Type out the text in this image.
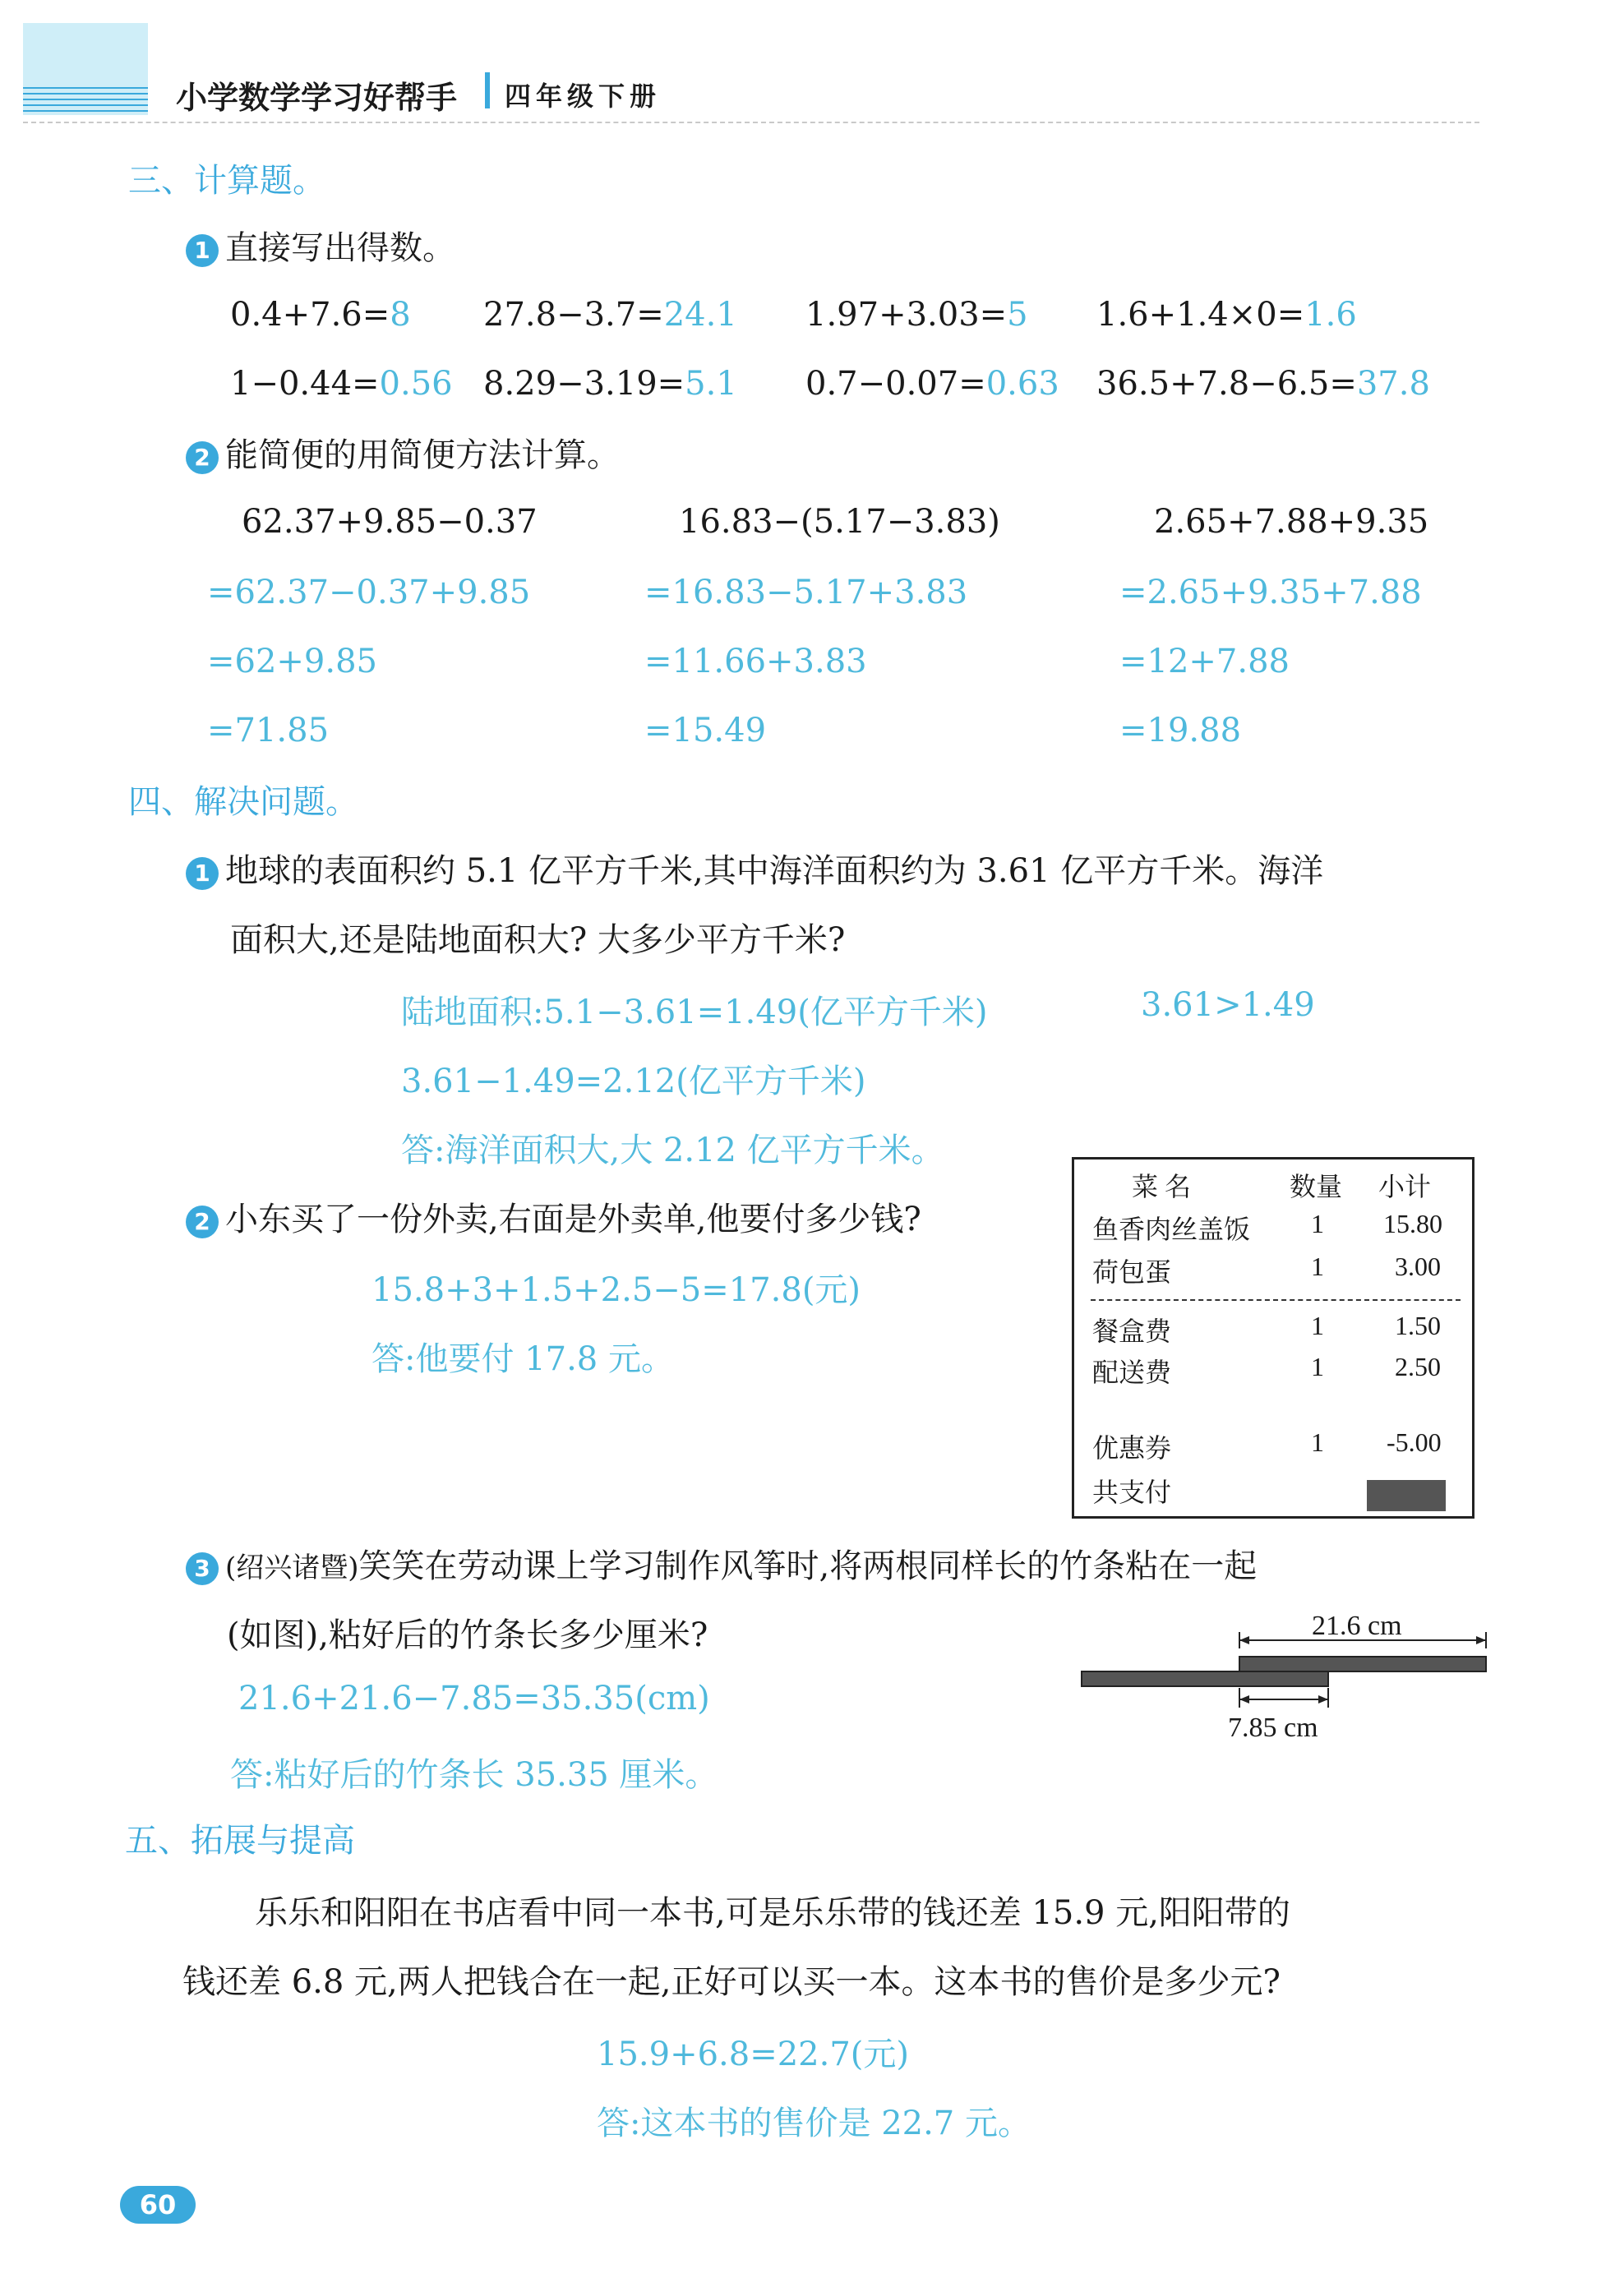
小学数学学习好帮手 四年级下册
三、计算题。
1 直接写出得数。
0.4+7.6=8 27.8−3.7=24.1 1.97+3.03=5 1.6+1.4×0=1.6
1−0.44=0.56 8.29−3.19=5.1 0.7−0.07=0.63 36.5+7.8−6.5=37.8
2 能简便的用简便方法计算。
62.37+9.85−0.37
=62.37−0.37+9.85
=62+9.85
=71.85
16.83−(5.17−3.83)
=16.83−5.17+3.83
=11.66+3.83
=15.49
2.65+7.88+9.35
=2.65+9.35+7.88
=12+7.88
=19.88
四、解决问题。
1 地球的表面积约 5.1 亿平方千米,其中海洋面积约为 3.61 亿平方千米。海洋
面积大,还是陆地面积大? 大多少平方千米?
陆地面积:5.1−3.61=1.49(亿平方千米)	3.61>1.49
3.61−1.49=2.12(亿平方千米)
答:海洋面积大,大 2.12 亿平方千米。
2 小东买了一份外卖,右面是外卖单,他要付多少钱?
15.8+3+1.5+2.5−5=17.8(元)
答:他要付 17.8 元。
菜 名	数量 小计
鱼香肉丝盖饭 1 15.80
荷包蛋	1	3.00
餐盒费	1	1.50
配送费	1	2.50
优惠券	1 -5.00
共支付
3 (绍兴诸暨)笑笑在劳动课上学习制作风筝时,将两根同样长的竹条粘在一起
(如图),粘好后的竹条长多少厘米?
21.6+21.6−7.85=35.35(cm)
答:粘好后的竹条长 35.35 厘米。
21.6 cm
7.85 cm
五、拓展与提高
乐乐和阳阳在书店看中同一本书,可是乐乐带的钱还差 15.9 元,阳阳带的
钱还差 6.8 元,两人把钱合在一起,正好可以买一本。这本书的售价是多少元?
15.9+6.8=22.7(元)
答:这本书的售价是 22.7 元。
60
